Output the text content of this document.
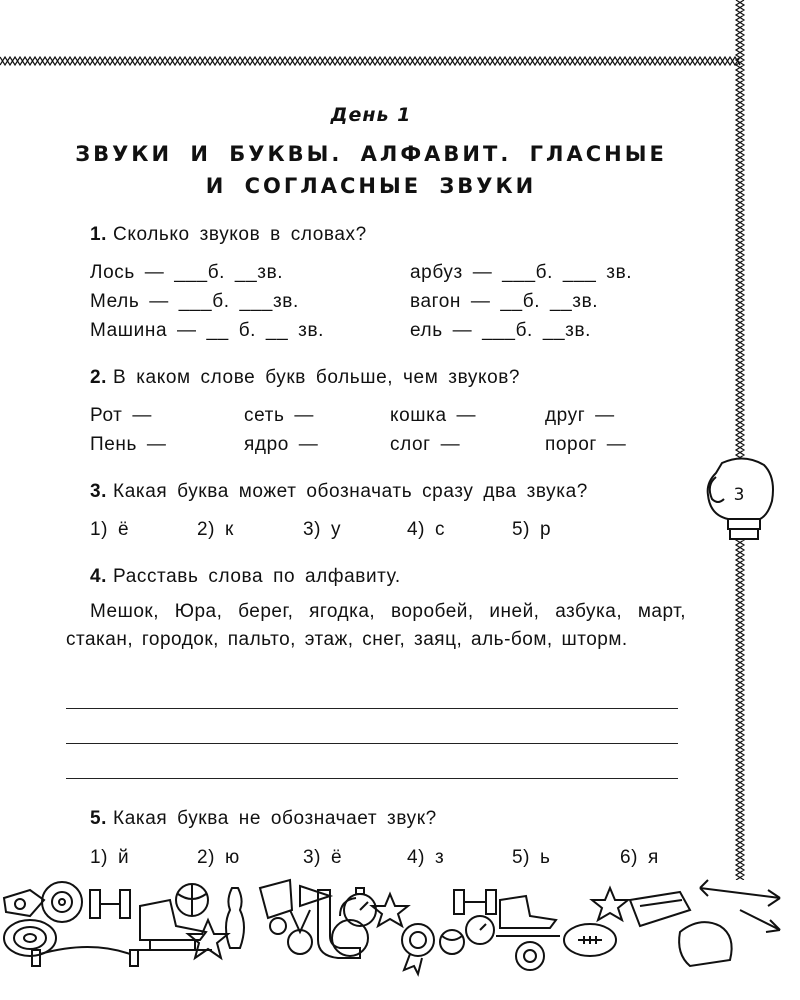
3
День 1
ЗВУКИ И БУКВЫ. АЛФАВИТ. ГЛАСНЫЕ
И СОГЛАСНЫЕ ЗВУКИ
1. Сколько звуков в словах?
Лось — ___б. __зв.	арбуз — ___б. ___ зв.
Мель — ___б. ___зв.	вагон — __б. __зв.
Машина — __ б. __ зв.	ель — ___б. __зв.
2. В каком слове букв больше, чем звуков?
Рот —	сеть —	кошка —	друг —
Пень —	ядро —	слог —	порог —
3. Какая буква может обозначать сразу два звука?
1) ё	2) к	3) у	4) с	5) р
4. Расставь слова по алфавиту.
Мешок, Юра, берег, ягодка, воробей, иней, азбука, март, стакан, городок, пальто, этаж, снег, заяц, аль-бом, шторм.
5. Какая буква не обозначает звук?
1) й	2) ю	3) ё	4) з	5) ь	6) я
